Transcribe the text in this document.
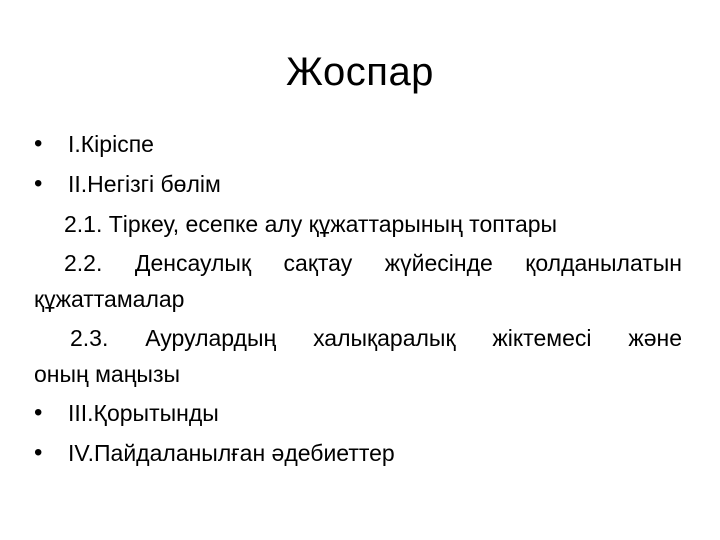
Жоспар
• I.Кіріспе
• II.Негізгі бөлім
2.1. Тіркеу, есепке алу құжаттарының топтары
2.2. Денсаулық сақтау жүйесінде қолданылатын
құжаттамалар
2.3. Аурулардың халықаралық жіктемесі және
оның маңызы
• III.Қорытынды
• IV.Пайдаланылған әдебиеттер
